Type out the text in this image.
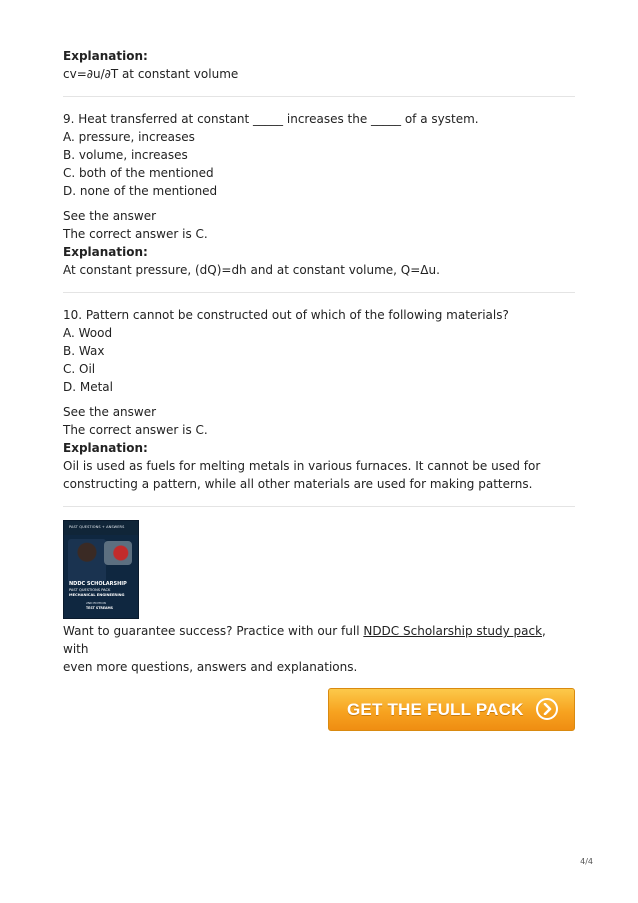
Explanation:

cv=∂u/∂T at constant volume

9. Heat transferred at constant _____ increases the _____ of a system.

A. pressure, increases

B. volume, increases

C. both of the mentioned

D. none of the mentioned

See the answer

The correct answer is C.

Explanation:

At constant pressure, (dQ)=dh and at constant volume, Q=Δu.

10. Pattern cannot be constructed out of which of the following materials?

A. Wood

B. Wax

C. Oil

D. Metal

See the answer

The correct answer is C.

Explanation:

Oil is used as fuels for melting metals in various furnaces. It cannot be used for

constructing a pattern, while all other materials are used for making patterns.

PAST QUESTIONS + ANSWERS
NDDC SCHOLARSHIP
PAST QUESTIONS PACK
MECHANICAL ENGINEERING
2ND EDITION
TEST STREAMS

Want to guarantee success? Practice with our full NDDC Scholarship study pack, with

even more questions, answers and explanations.

GET THE FULL PACK
4/4
